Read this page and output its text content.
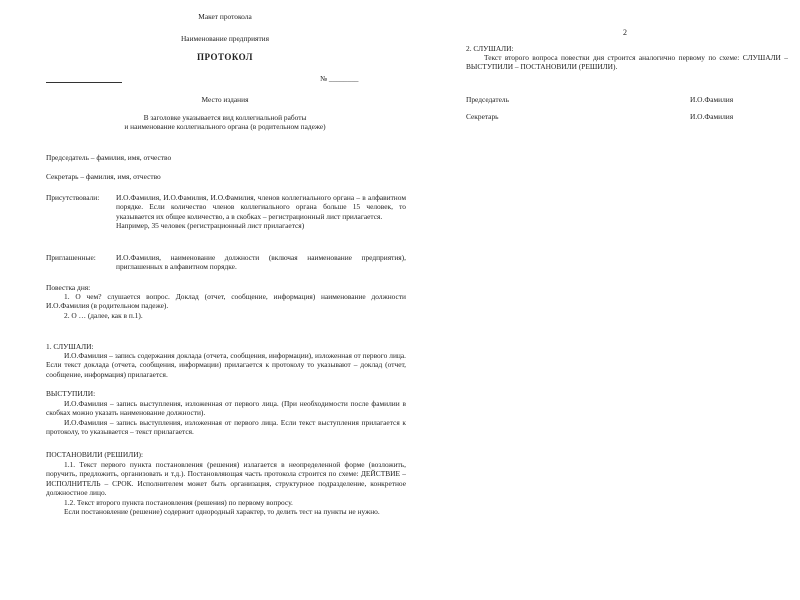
Макет протокола
Наименование предприятия
ПРОТОКОЛ
№ ________
Место издания
В заголовке указывается вид коллегиальной работы
и наименование коллегиального органа (в родительном падеже)
Председатель – фамилия, имя, отчество
Секретарь – фамилия, имя, отчество
Присутствовали:	И.О.Фамилия, И.О.Фамилия, И.О.Фамилия, членов коллегиального органа – в алфавитном порядке. Если количество членов коллегиального органа больше 15 человек, то указывается их общее количество, а в скобках – регистрационный лист прилагается.

Например, 35 человек (регистрационный лист прилагается)

Приглашенные:	И.О.Фамилия, наименование должности (включая наименование предприятия), приглашенных в алфавитном порядке.
Повестка дня:

1. О чем? слушается вопрос. Доклад (отчет, сообщение, информация) наименование должности И.О.Фамилия (в родительном падеже).

2. О … (далее, как в п.1).

1. СЛУШАЛИ:

И.О.Фамилия – запись содержания доклада (отчета, сообщения, информации), изложенная от первого лица. Если текст доклада (отчета, сообщения, информации) прилагается к протоколу то указывают – доклад (отчет, сообщение, информация) прилагается.

ВЫСТУПИЛИ:

И.О.Фамилия – запись выступления, изложенная от первого лица. (При необходимости после фамилии в скобках можно указать наименование должности).

И.О.Фамилия – запись выступления, изложенная от первого лица. Если текст выступления прилагается к протоколу, то указывается – текст прилагается.

ПОСТАНОВИЛИ (РЕШИЛИ):

1.1. Текст первого пункта постановления (решения) излагается в неопределенной форме (возложить, поручить, предложить, организовать и т.д.). Постановляющая часть протокола строится по схеме: ДЕЙСТВИЕ – ИСПОЛНИТЕЛЬ – СРОК. Исполнителем может быть организация, структурное подразделение, конкретное должностное лицо.

1.2. Текст второго пункта постановления (решения) по первому вопросу.

Если постановление (решение) содержит однородный характер, то делить тест на пункты не нужно.

2
2. СЛУШАЛИ:

Текст второго вопроса повестки дня строится аналогично первому по схеме: СЛУШАЛИ – ВЫСТУПИЛИ – ПОСТАНОВИЛИ (РЕШИЛИ).

Председатель	И.О.Фамилия
Секретарь	И.О.Фамилия
